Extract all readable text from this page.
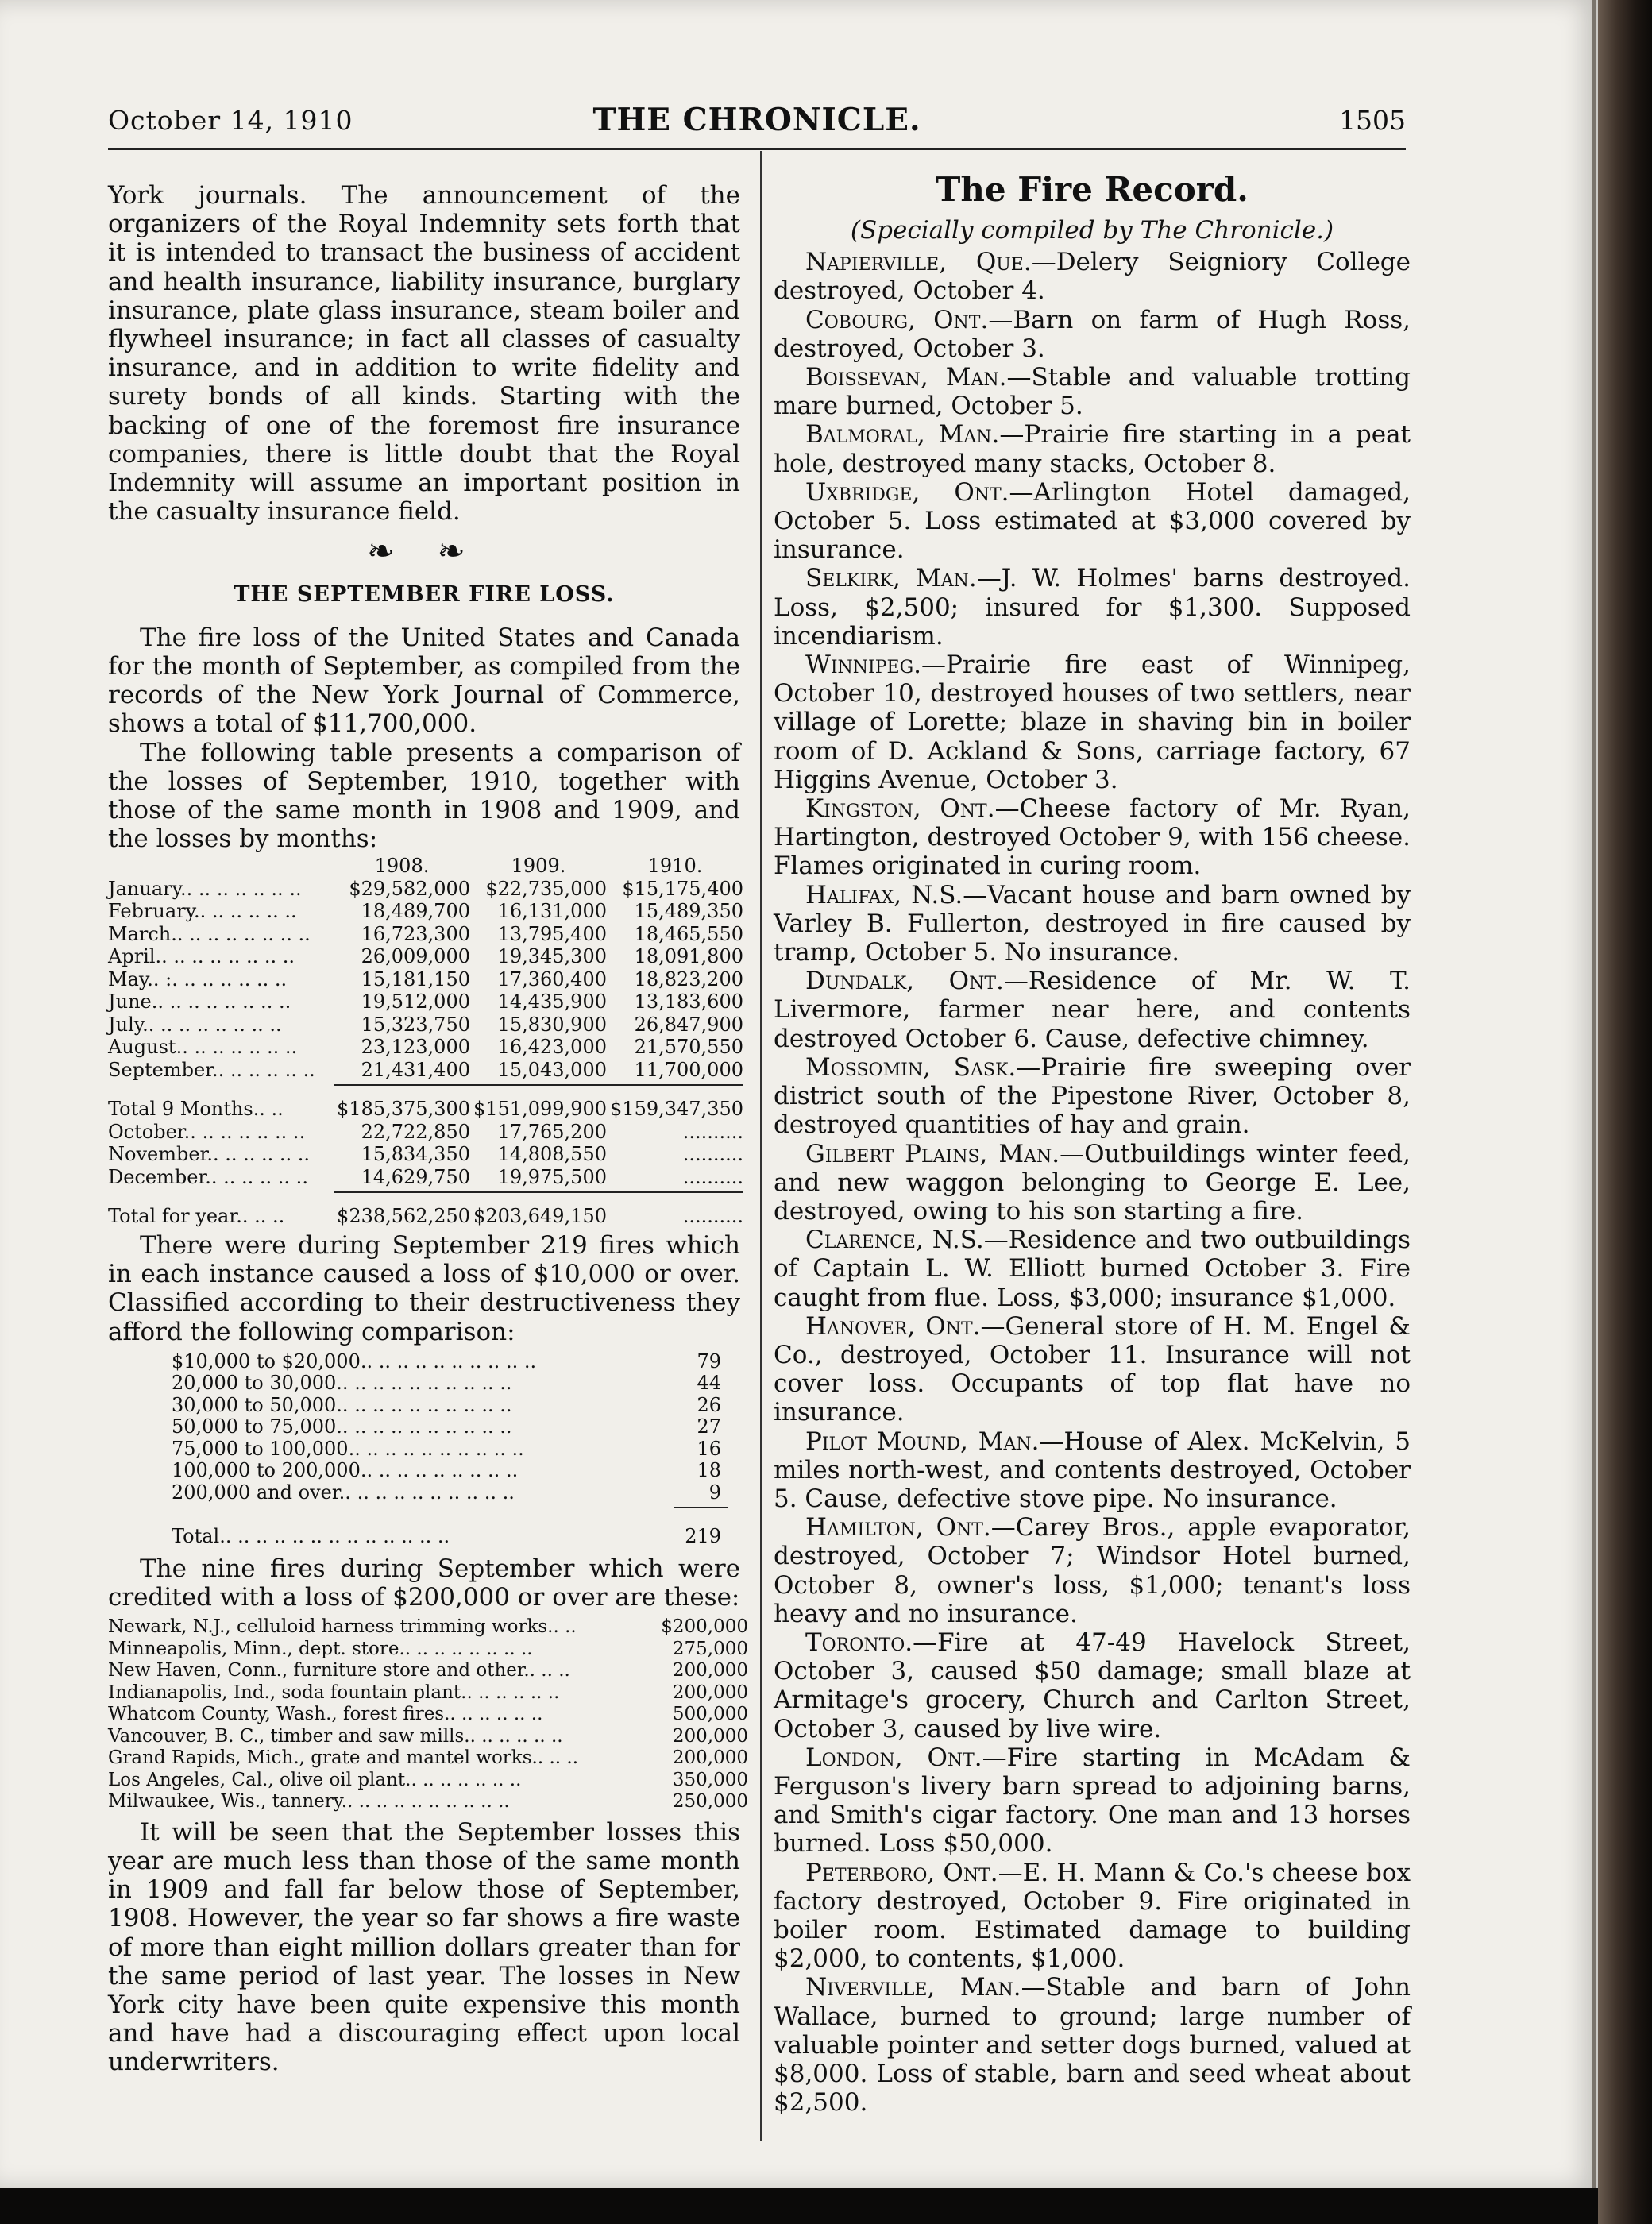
October 14, 1910	THE CHRONICLE.	1505

York journals. The announcement of the organizers of the Royal Indemnity sets forth that it is intended to transact the business of accident and health insurance, liability insurance, burglary insurance, plate glass insurance, steam boiler and flywheel insurance; in fact all classes of casualty insurance, and in addition to write fidelity and surety bonds of all kinds. Starting with the backing of one of the foremost fire insurance companies, there is little doubt that the Royal Indemnity will assume an important position in the casualty insurance field.

❧ ❧
THE SEPTEMBER FIRE LOSS.

The fire loss of the United States and Canada for the month of September, as compiled from the records of the New York Journal of Commerce, shows a total of $11,700,000.

The following table presents a comparison of the losses of September, 1910, together with those of the same month in 1908 and 1909, and the losses by months:

	1908.	1909.	1910.
January.. .. .. .. .. .. ..	$29,582,000	$22,735,000	$15,175,400
February.. .. .. .. .. ..	18,489,700	16,131,000	15,489,350
March.. .. .. .. .. .. .. ..	16,723,300	13,795,400	18,465,550
April.. .. .. .. .. .. .. ..	26,009,000	19,345,300	18,091,800
May.. :. .. .. .. .. .. ..	15,181,150	17,360,400	18,823,200
June.. .. .. .. .. .. .. ..	19,512,000	14,435,900	13,183,600
July.. .. .. .. .. .. .. ..	15,323,750	15,830,900	26,847,900
August.. .. .. .. .. .. ..	23,123,000	16,423,000	21,570,550
September.. .. .. .. .. ..	21,431,400	15,043,000	11,700,000

Total 9 Months.. ..	$185,375,300	$151,099,900	$159,347,350
October.. .. .. .. .. .. ..	22,722,850	17,765,200	..........
November.. .. .. .. .. ..	15,834,350	14,808,550	..........
December.. .. .. .. .. ..	14,629,750	19,975,500	..........

Total for year.. .. ..	$238,562,250	$203,649,150	..........

There were during September 219 fires which in each instance caused a loss of $10,000 or over. Classified according to their destructiveness they afford the following comparison:

$10,000 to $20,000.. .. .. .. .. .. .. .. .. ..	79
20,000 to 30,000.. .. .. .. .. .. .. .. .. ..	44
30,000 to 50,000.. .. .. .. .. .. .. .. .. ..	26
50,000 to 75,000.. .. .. .. .. .. .. .. .. ..	27
75,000 to 100,000.. .. .. .. .. .. .. .. .. ..	16
100,000 to 200,000.. .. .. .. .. .. .. .. ..	18
200,000 and over.. .. .. .. .. .. .. .. .. ..	9

Total.. .. .. .. .. .. .. .. .. .. .. .. ..	219

The nine fires during September which were credited with a loss of $200,000 or over are these:

Newark, N.J., celluloid harness trimming works.. ..	$200,000
Minneapolis, Minn., dept. store.. .. .. .. .. .. .. ..	275,000
New Haven, Conn., furniture store and other.. .. ..	200,000
Indianapolis, Ind., soda fountain plant.. .. .. .. .. ..	200,000
Whatcom County, Wash., forest fires.. .. .. .. .. ..	500,000
Vancouver, B. C., timber and saw mills.. .. .. .. .. ..	200,000
Grand Rapids, Mich., grate and mantel works.. .. ..	200,000
Los Angeles, Cal., olive oil plant.. .. .. .. .. .. ..	350,000
Milwaukee, Wis., tannery.. .. .. .. .. .. .. .. .. ..	250,000

It will be seen that the September losses this year are much less than those of the same month in 1909 and fall far below those of September, 1908. However, the year so far shows a fire waste of more than eight million dollars greater than for the same period of last year. The losses in New York city have been quite expensive this month and have had a discouraging effect upon local underwriters.

The Fire Record.
(Specially compiled by The Chronicle.)

Napierville, Que.—Delery Seigniory College destroyed, October 4.

Cobourg, Ont.—Barn on farm of Hugh Ross, destroyed, October 3.

Boissevan, Man.—Stable and valuable trotting mare burned, October 5.

Balmoral, Man.—Prairie fire starting in a peat hole, destroyed many stacks, October 8.

Uxbridge, Ont.—Arlington Hotel damaged, October 5. Loss estimated at $3,000 covered by insurance.

Selkirk, Man.—J. W. Holmes' barns destroyed. Loss, $2,500; insured for $1,300. Supposed incendiarism.

Winnipeg.—Prairie fire east of Winnipeg, October 10, destroyed houses of two settlers, near village of Lorette; blaze in shaving bin in boiler room of D. Ackland & Sons, carriage factory, 67 Higgins Avenue, October 3.

Kingston, Ont.—Cheese factory of Mr. Ryan, Hartington, destroyed October 9, with 156 cheese. Flames originated in curing room.

Halifax, N.S.—Vacant house and barn owned by Varley B. Fullerton, destroyed in fire caused by tramp, October 5. No insurance.

Dundalk, Ont.—Residence of Mr. W. T. Livermore, farmer near here, and contents destroyed October 6. Cause, defective chimney.

Mossomin, Sask.—Prairie fire sweeping over district south of the Pipestone River, October 8, destroyed quantities of hay and grain.

Gilbert Plains, Man.—Outbuildings winter feed, and new waggon belonging to George E. Lee, destroyed, owing to his son starting a fire.

Clarence, N.S.—Residence and two outbuildings of Captain L. W. Elliott burned October 3. Fire caught from flue. Loss, $3,000; insurance $1,000.

Hanover, Ont.—General store of H. M. Engel & Co., destroyed, October 11. Insurance will not cover loss. Occupants of top flat have no insurance.

Pilot Mound, Man.—House of Alex. McKelvin, 5 miles north-west, and contents destroyed, October 5. Cause, defective stove pipe. No insurance.

Hamilton, Ont.—Carey Bros., apple evaporator, destroyed, October 7; Windsor Hotel burned, October 8, owner's loss, $1,000; tenant's loss heavy and no insurance.

Toronto.—Fire at 47-49 Havelock Street, October 3, caused $50 damage; small blaze at Armitage's grocery, Church and Carlton Street, October 3, caused by live wire.

London, Ont.—Fire starting in McAdam & Ferguson's livery barn spread to adjoining barns, and Smith's cigar factory. One man and 13 horses burned. Loss $50,000.

Peterboro, Ont.—E. H. Mann & Co.'s cheese box factory destroyed, October 9. Fire originated in boiler room. Estimated damage to building $2,000, to contents, $1,000.

Niverville, Man.—Stable and barn of John Wallace, burned to ground; large number of valuable pointer and setter dogs burned, valued at $8,000. Loss of stable, barn and seed wheat about $2,500.
